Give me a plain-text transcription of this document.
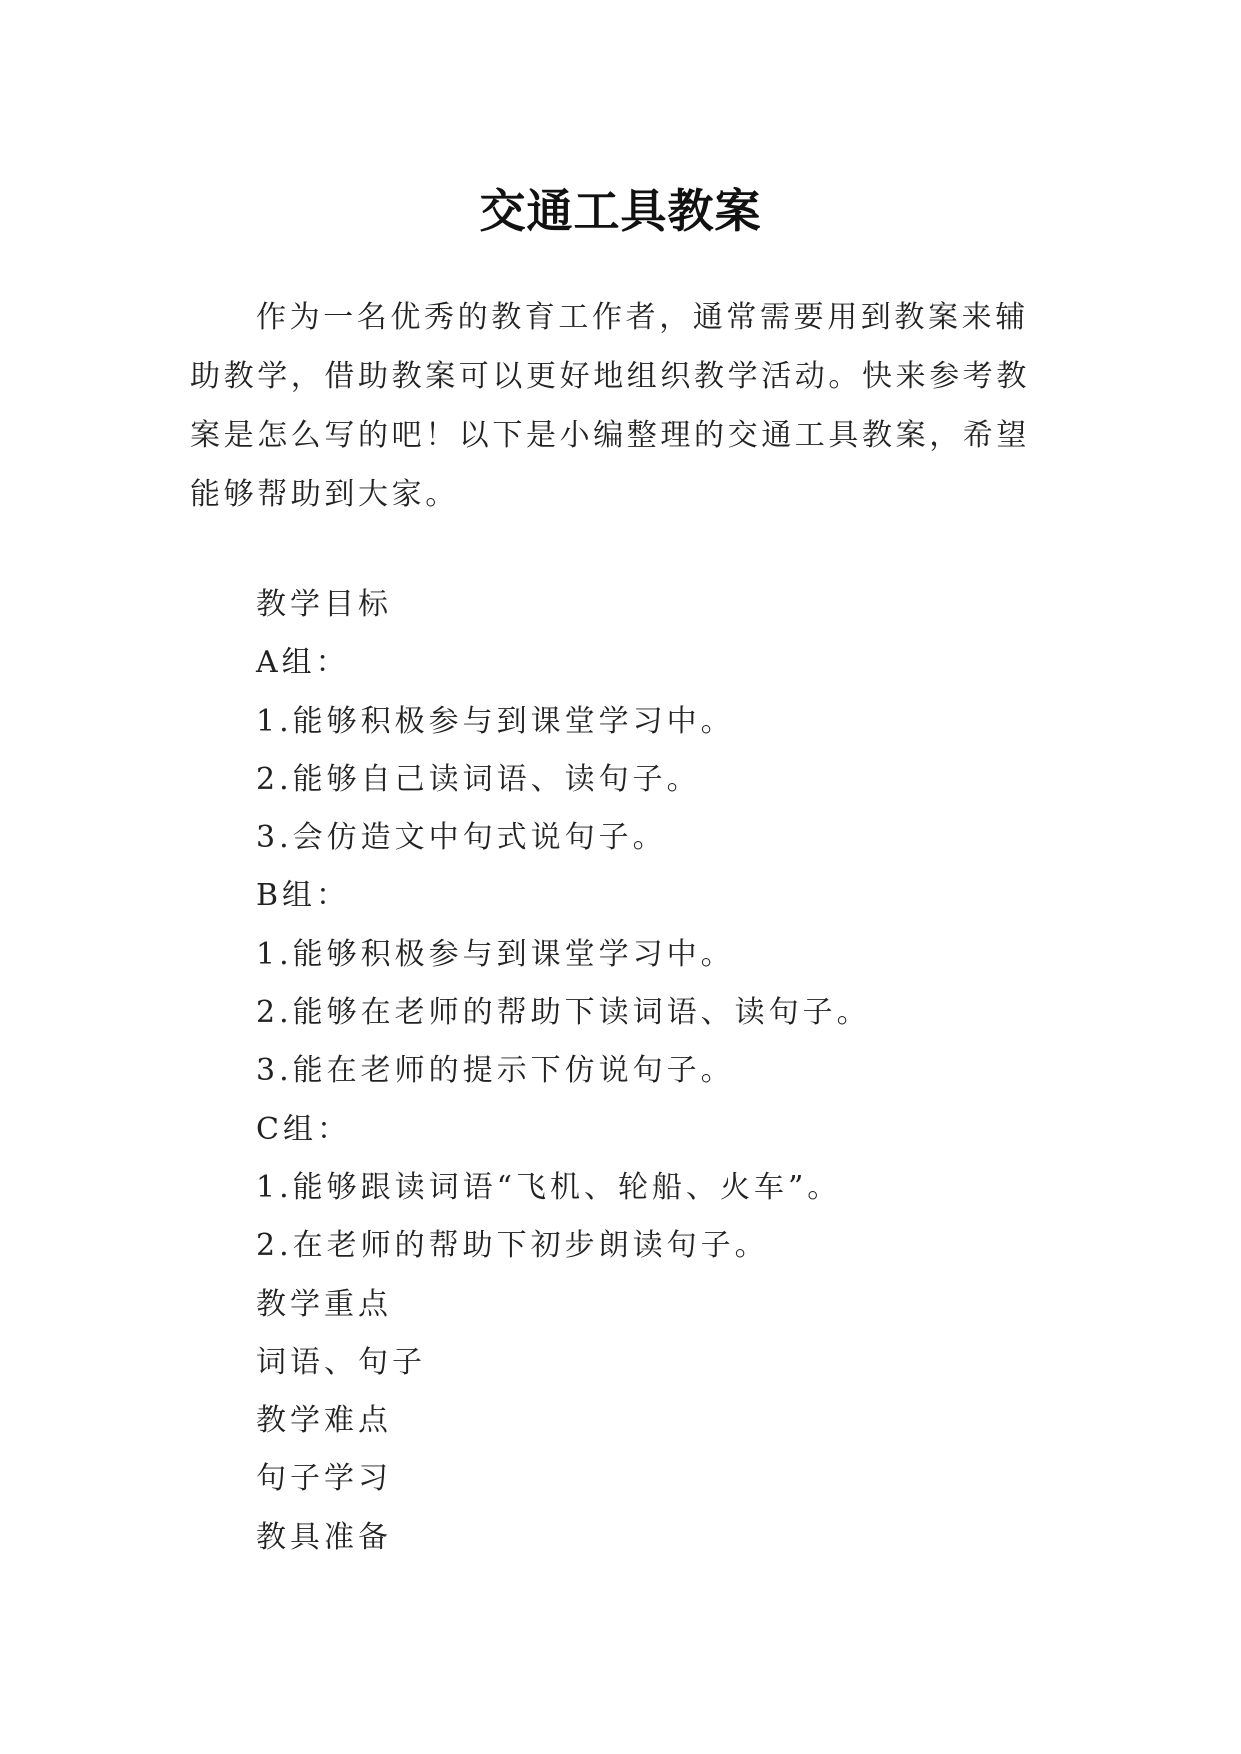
交通工具教案

作为一名优秀的教育工作者，通常需要用到教案来辅助教学，借助教案可以更好地组织教学活动。快来参考教案是怎么写的吧！以下是小编整理的交通工具教案，希望能够帮助到大家。

教学目标
A组：
1.能够积极参与到课堂学习中。
2.能够自己读词语、读句子。
3.会仿造文中句式说句子。
B组：
1.能够积极参与到课堂学习中。
2.能够在老师的帮助下读词语、读句子。
3.能在老师的提示下仿说句子。
C组：
1.能够跟读词语“飞机、轮船、火车”。
2.在老师的帮助下初步朗读句子。
教学重点
词语、句子
教学难点
句子学习
教具准备
